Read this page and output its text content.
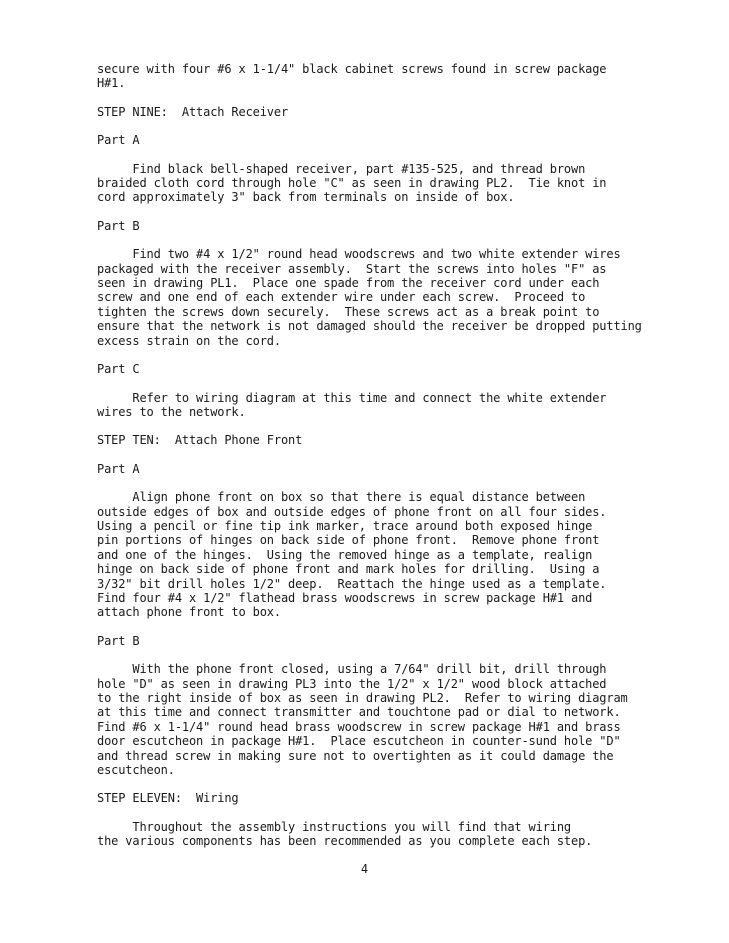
secure with four #6 x 1-1/4" black cabinet screws found in screw package
H#1.

STEP NINE:  Attach Receiver

Part A

Find black bell-shaped receiver, part #135-525, and thread brown
braided cloth cord through hole "C" as seen in drawing PL2.  Tie knot in
cord approximately 3" back from terminals on inside of box.

Part B

Find two #4 x 1/2" round head woodscrews and two white extender wires
packaged with the receiver assembly.  Start the screws into holes "F" as
seen in drawing PL1.  Place one spade from the receiver cord under each
screw and one end of each extender wire under each screw.  Proceed to
tighten the screws down securely.  These screws act as a break point to
ensure that the network is not damaged should the receiver be dropped putting
excess strain on the cord.

Part C

Refer to wiring diagram at this time and connect the white extender
wires to the network.

STEP TEN:  Attach Phone Front

Part A

Align phone front on box so that there is equal distance between
outside edges of box and outside edges of phone front on all four sides.
Using a pencil or fine tip ink marker, trace around both exposed hinge
pin portions of hinges on back side of phone front.  Remove phone front
and one of the hinges.  Using the removed hinge as a template, realign
hinge on back side of phone front and mark holes for drilling.  Using a
3/32" bit drill holes 1/2" deep.  Reattach the hinge used as a template.
Find four #4 x 1/2" flathead brass woodscrews in screw package H#1 and
attach phone front to box.

Part B

With the phone front closed, using a 7/64" drill bit, drill through
hole "D" as seen in drawing PL3 into the 1/2" x 1/2" wood block attached
to the right inside of box as seen in drawing PL2.  Refer to wiring diagram
at this time and connect transmitter and touchtone pad or dial to network.
Find #6 x 1-1/4" round head brass woodscrew in screw package H#1 and brass
door escutcheon in package H#1.  Place escutcheon in counter-sund hole "D"
and thread screw in making sure not to overtighten as it could damage the
escutcheon.

STEP ELEVEN:  Wiring

Throughout the assembly instructions you will find that wiring
the various components has been recommended as you complete each step.

4
